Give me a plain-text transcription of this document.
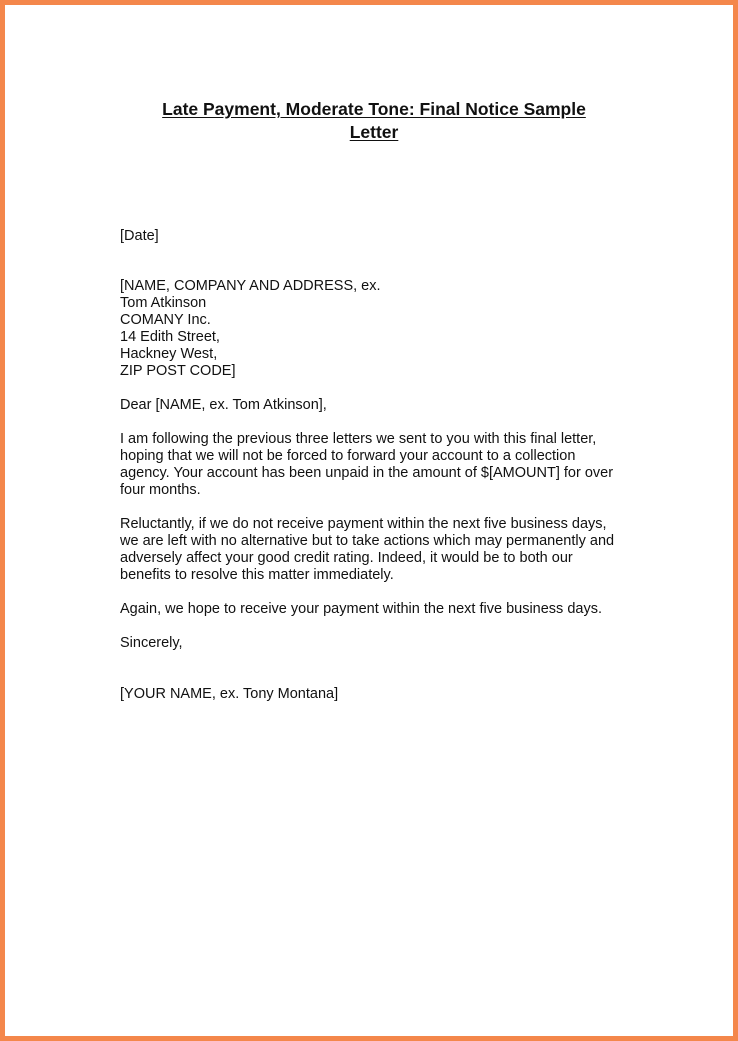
Late Payment, Moderate Tone: Final Notice Sample
Letter
[Date]
[NAME, COMPANY AND ADDRESS, ex.
Tom Atkinson
COMANY Inc.
14 Edith Street,
Hackney West,
ZIP POST CODE]
Dear [NAME, ex. Tom Atkinson],
I am following the previous three letters we sent to you with this final letter,
hoping that we will not be forced to forward your account to a collection
agency. Your account has been unpaid in the amount of $[AMOUNT] for over
four months.
Reluctantly, if we do not receive payment within the next five business days,
we are left with no alternative but to take actions which may permanently and
adversely affect your good credit rating. Indeed, it would be to both our
benefits to resolve this matter immediately.
Again, we hope to receive your payment within the next five business days.
Sincerely,
[YOUR NAME, ex. Tony Montana]
